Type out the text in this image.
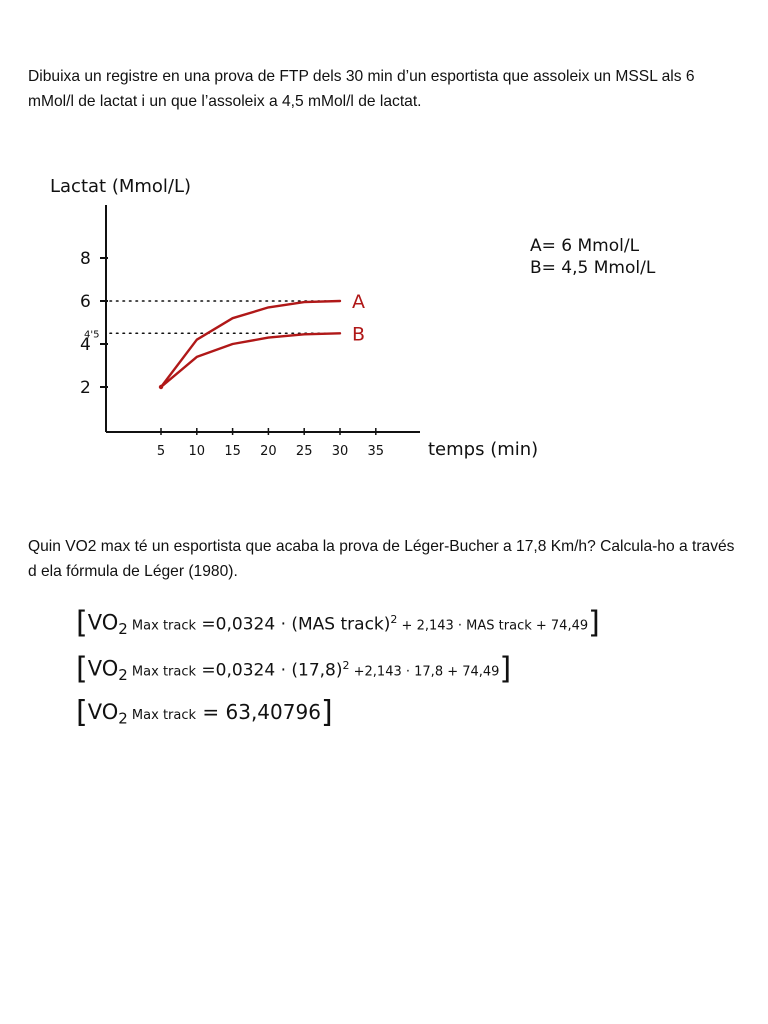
Dibuixa un registre en una prova de FTP dels 30 min d’un esportista que assoleix un MSSL als 6 mMol/l de lactat i un que l’assoleix a 4,5 mMol/l de lactat.

Lactat (Mmol/L)
temps (min)
2
4
6
8
4'5
5 10 15 20 25 30 35
A
B
A= 6 Mmol/L
B= 4,5 Mmol/L

Quin VO2 max té un esportista que acaba la prova de Léger-Bucher a 17,8 Km/h? Calcula-ho a través d ela fórmula de Léger (1980).

[$VO_2$ Max track =0,0324 · (MAS track)$^2$ + 2,143 · MAS track + 74,49]
[$VO_2$ Max track $=0,0324 \cdot (17,8)^2 +2,143 \cdot 17,8 + 74,49$]
[$VO_2$ Max track = 63,40796]
